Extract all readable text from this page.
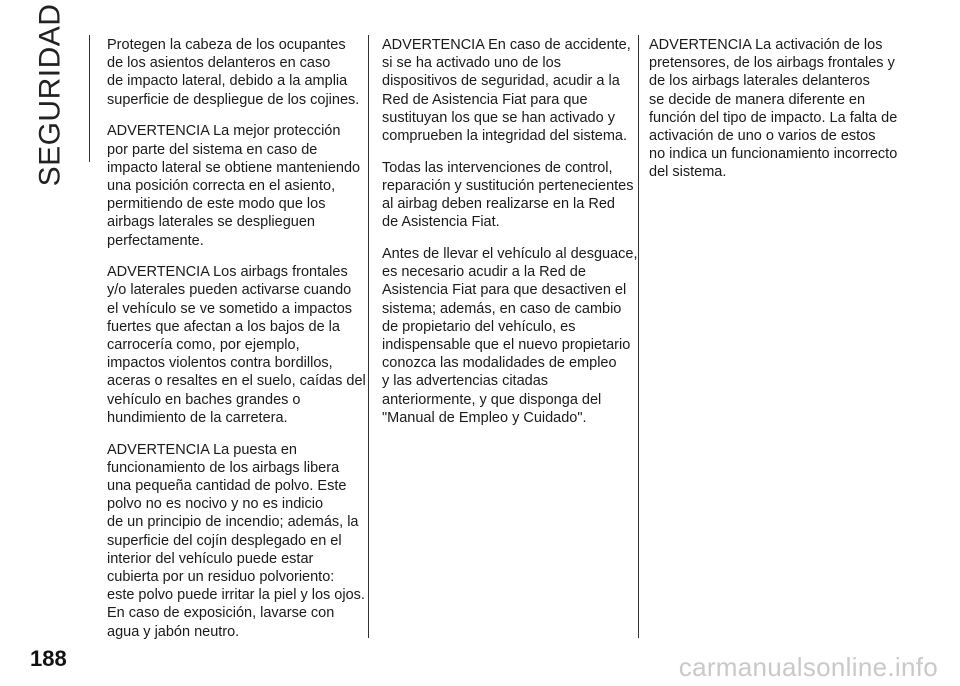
SEGURIDAD	Protegen la cabeza de los ocupantes
de los asientos delanteros en caso
de impacto lateral, debido a la amplia
superficie de despliegue de los cojines.

ADVERTENCIA La mejor protección
por parte del sistema en caso de
impacto lateral se obtiene manteniendo
una posición correcta en el asiento,
permitiendo de este modo que los
airbags laterales se desplieguen
perfectamente.

ADVERTENCIA Los airbags frontales
y/o laterales pueden activarse cuando
el vehículo se ve sometido a impactos
fuertes que afectan a los bajos de la
carrocería como, por ejemplo,
impactos violentos contra bordillos,
aceras o resaltes en el suelo, caídas del
vehículo en baches grandes o
hundimiento de la carretera.

ADVERTENCIA La puesta en
funcionamiento de los airbags libera
una pequeña cantidad de polvo. Este
polvo no es nocivo y no es indicio
de un principio de incendio; además, la
superficie del cojín desplegado en el
interior del vehículo puede estar
cubierta por un residuo polvoriento:
este polvo puede irritar la piel y los ojos.
En caso de exposición, lavarse con
agua y jabón neutro.

ADVERTENCIA En caso de accidente,
si se ha activado uno de los
dispositivos de seguridad, acudir a la
Red de Asistencia Fiat para que
sustituyan los que se han activado y
comprueben la integridad del sistema.

Todas las intervenciones de control,
reparación y sustitución pertenecientes
al airbag deben realizarse en la Red
de Asistencia Fiat.

Antes de llevar el vehículo al desguace,
es necesario acudir a la Red de
Asistencia Fiat para que desactiven el
sistema; además, en caso de cambio
de propietario del vehículo, es
indispensable que el nuevo propietario
conozca las modalidades de empleo
y las advertencias citadas
anteriormente, y que disponga del
"Manual de Empleo y Cuidado".

ADVERTENCIA La activación de los
pretensores, de los airbags frontales y
de los airbags laterales delanteros
se decide de manera diferente en
función del tipo de impacto. La falta de
activación de uno o varios de estos
no indica un funcionamiento incorrecto
del sistema.

188	carmanualsonline.info
